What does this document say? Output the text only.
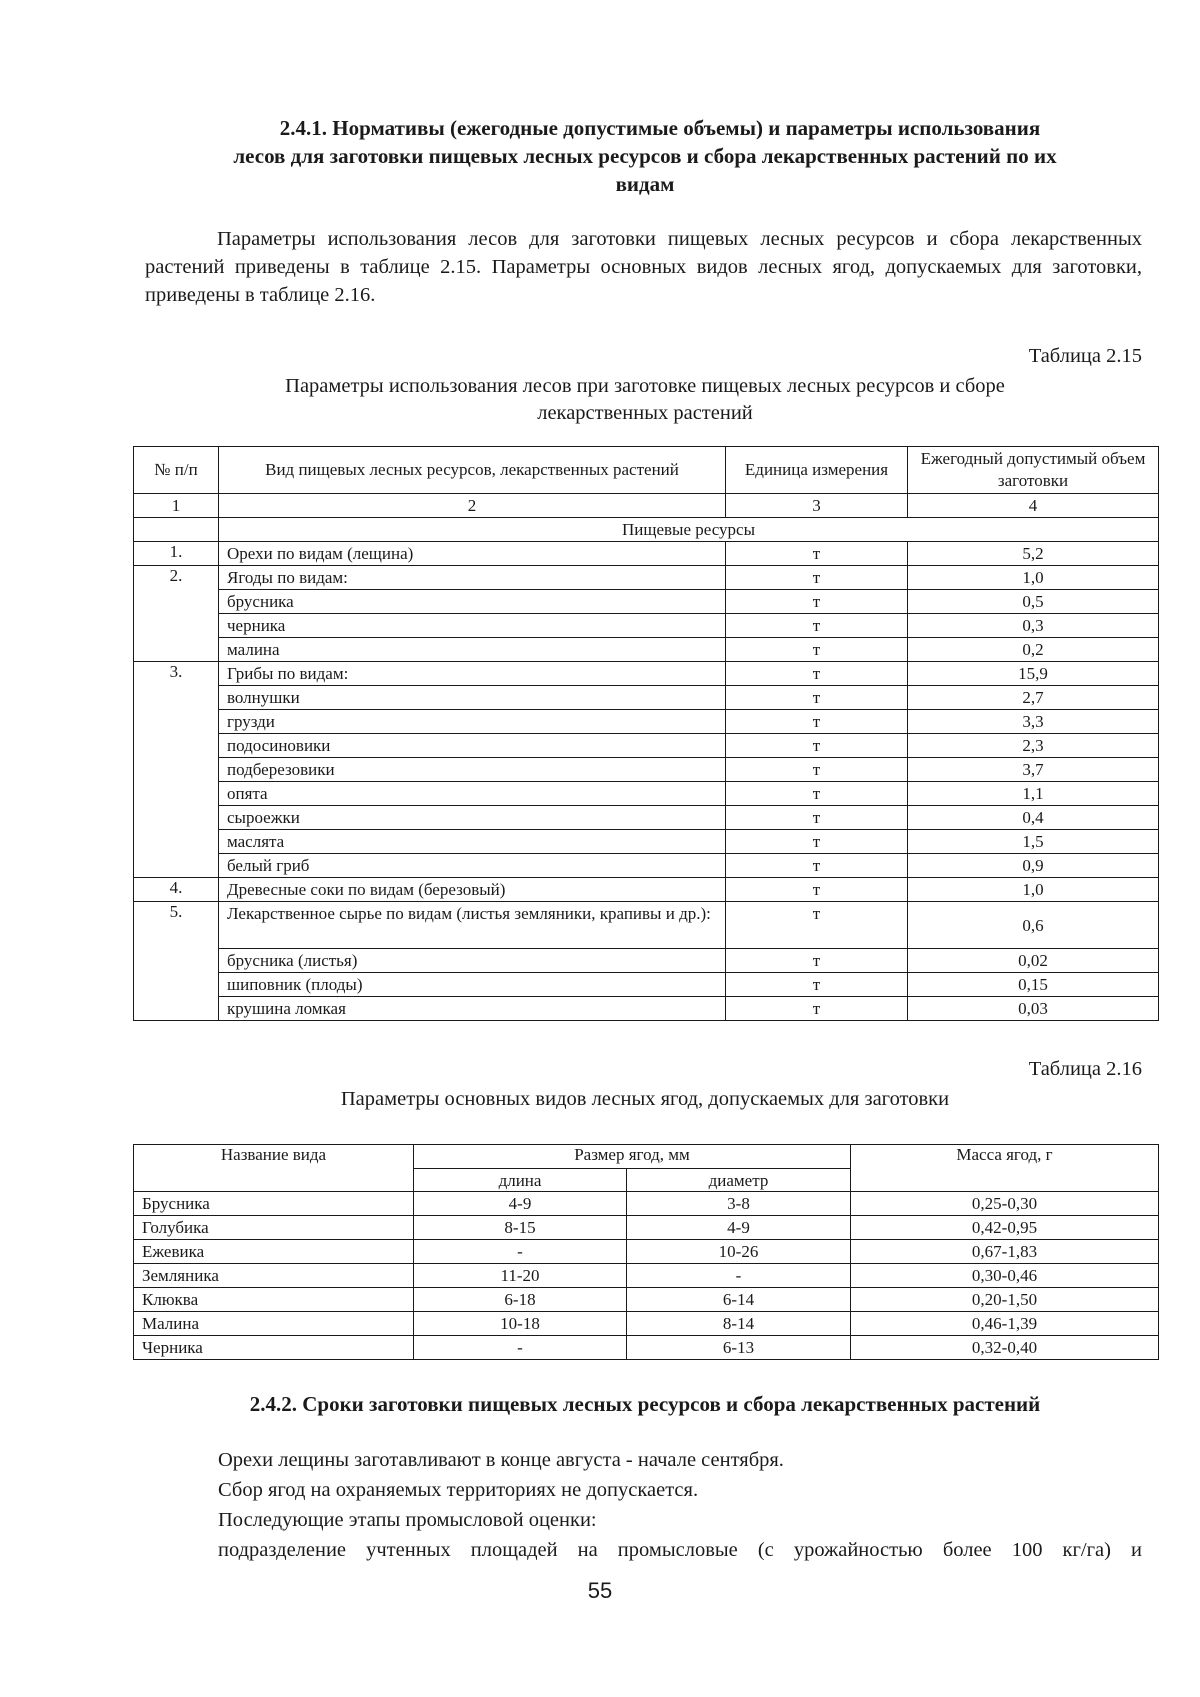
2.4.1. Нормативы (ежегодные допустимые объемы) и параметры использования
лесов для заготовки пищевых лесных ресурсов и сбора лекарственных растений по их
видам
Параметры использования лесов для заготовки пищевых лесных ресурсов и сбора лекарственных растений приведены в таблице 2.15. Параметры основных видов лесных ягод, допускаемых для заготовки, приведены в таблице 2.16.
Таблица 2.15
Параметры использования лесов при заготовке пищевых лесных ресурсов и сборе
лекарственных растений
№ п/п	Вид пищевых лесных ресурсов, лекарственных растений	Единица измерения	Ежегодный допустимый объем заготовки
1	2	3	4
	Пищевые ресурсы		
1.	Орехи по видам (лещина)	т	5,2
2.	Ягоды по видам:	т	1,0
	брусника	т	0,5
	черника	т	0,3
	малина	т	0,2
3.	Грибы по видам:	т	15,9
	волнушки	т	2,7
	грузди	т	3,3
	подосиновики	т	2,3
	подберезовики	т	3,7
	опята	т	1,1
	сыроежки	т	0,4
	маслята	т	1,5
	белый гриб	т	0,9
4.	Древесные соки по видам (березовый)	т	1,0
5.	Лекарственное сырье по видам (листья земляники, крапивы и др.):	т	0,6
	брусника (листья)	т	0,02
	шиповник (плоды)	т	0,15
	крушина ломкая	т	0,03
Таблица 2.16
Параметры основных видов лесных ягод, допускаемых для заготовки
Название вида	Размер ягод, мм		Масса ягод, г
	длина	диаметр	
Брусника	4-9	3-8	0,25-0,30
Голубика	8-15	4-9	0,42-0,95
Ежевика	-	10-26	0,67-1,83
Земляника	11-20	-	0,30-0,46
Клюква	6-18	6-14	0,20-1,50
Малина	10-18	8-14	0,46-1,39
Черника	-	6-13	0,32-0,40
2.4.2. Сроки заготовки пищевых лесных ресурсов и сбора лекарственных растений
Орехи лещины заготавливают в конце августа - начале сентября.
Сбор ягод на охраняемых территориях не допускается.
Последующие этапы промысловой оценки:
подразделение учтенных площадей на промысловые (с урожайностью более 100 кг/га) и
55
